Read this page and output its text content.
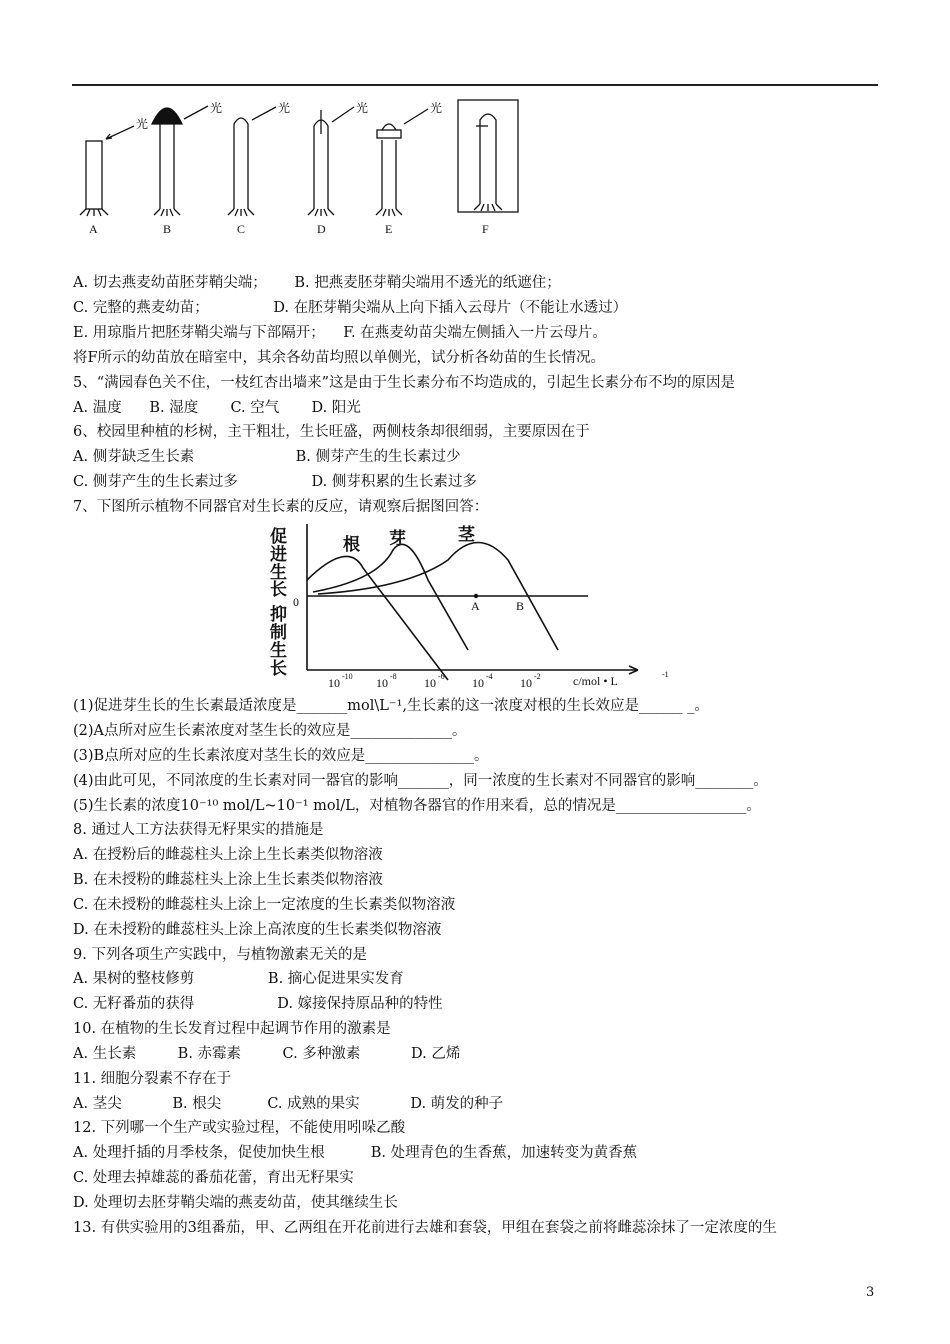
光
光	光	光	光
A	B	C	D	E	F
促
进
生
长
抑
制
生
长
根 芽	茎
0	A	B
10 -10 10 -8 10 -6 10 -4 10 -2	c/mol • L	-1
A. 切去燕麦幼苗胚芽鞘尖端；      B. 把燕麦胚芽鞘尖端用不透光的纸遮住；
C. 完整的燕麦幼苗；              D. 在胚芽鞘尖端从上向下插入云母片（不能让水透过）
E. 用琼脂片把胚芽鞘尖端与下部隔开；    F. 在燕麦幼苗尖端左侧插入一片云母片。
将F所示的幼苗放在暗室中，其余各幼苗均照以单侧光，试分析各幼苗的生长情况。
5、“满园春色关不住，一枝红杏出墙来”这是由于生长素分布不均造成的，引起生长素分布不均的原因是
A. 温度      B. 湿度       C. 空气       D. 阳光
6、校园里种植的杉树，主干粗壮，生长旺盛，两侧枝条却很细弱，主要原因在于
A. 侧芽缺乏生长素                      B. 侧芽产生的生长素过少
C. 侧芽产生的生长素过多                D. 侧芽积累的生长素过多
7、下图所示植物不同器官对生长素的反应，请观察后据图回答：
(1)促进芽生长的生长素最适浓度是_______mol\L⁻¹,生长素的这一浓度对根的生长效应是______ _。
(2)A点所对应生长素浓度对茎生长的效应是______________。
(3)B点所对应的生长素浓度对茎生长的效应是_______________。
(4)由此可见，不同浓度的生长素对同一器官的影响_______，同一浓度的生长素对不同器官的影响________。
(5)生长素的浓度10⁻¹⁰ mol/L~10⁻¹ mol/L，对植物各器官的作用来看，总的情况是__________________。
8. 通过人工方法获得无籽果实的措施是
A. 在授粉后的雌蕊柱头上涂上生长素类似物溶液
B. 在未授粉的雌蕊柱头上涂上生长素类似物溶液
C. 在未授粉的雌蕊柱头上涂上一定浓度的生长素类似物溶液
D. 在未授粉的雌蕊柱头上涂上高浓度的生长素类似物溶液
9. 下列各项生产实践中，与植物激素无关的是
A. 果树的整枝修剪                B. 摘心促进果实发育
C. 无籽番茄的获得                  D. 嫁接保持原品种的特性
10. 在植物的生长发育过程中起调节作用的激素是
A. 生长素         B. 赤霉素         C. 多种激素           D. 乙烯
11. 细胞分裂素不存在于
A. 茎尖           B. 根尖          C. 成熟的果实           D. 萌发的种子
12. 下列哪一个生产或实验过程，不能使用吲哚乙酸
A. 处理扦插的月季枝条，促使加快生根          B. 处理青色的生香蕉，加速转变为黄香蕉
C. 处理去掉雄蕊的番茄花蕾，育出无籽果实
D. 处理切去胚芽鞘尖端的燕麦幼苗，使其继续生长
13. 有供实验用的3组番茄，甲、乙两组在开花前进行去雄和套袋，甲组在套袋之前将雌蕊涂抹了一定浓度的生
3
